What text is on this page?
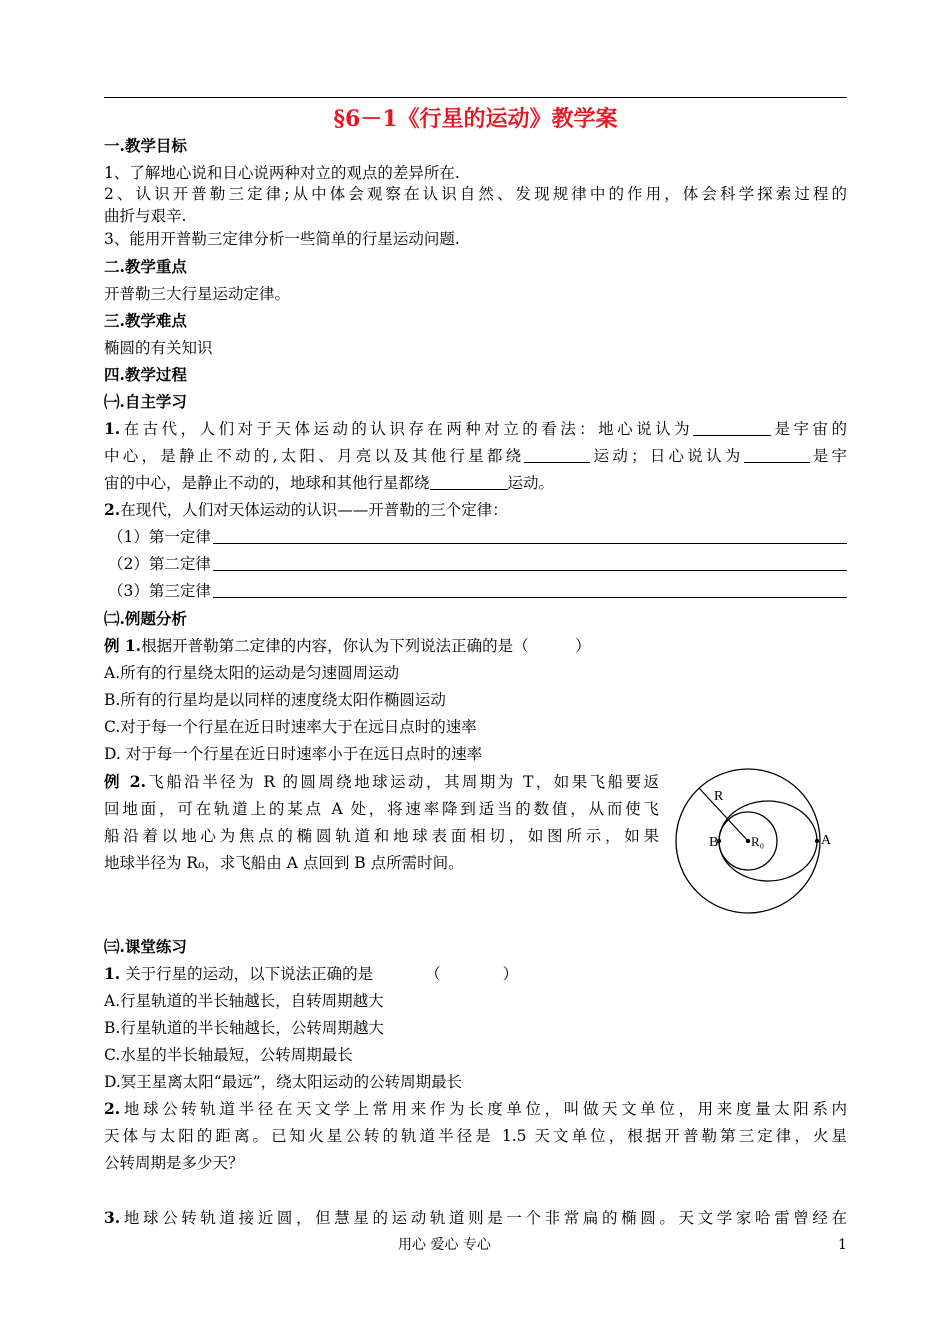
§6－1《行星的运动》教学案
一.教学目标
1、了解地心说和日心说两种对立的观点的差异所在.
2、认识开普勒三定律;从中体会观察在认识自然、发现规律中的作用，体会科学探索过程的
曲折与艰辛.
3、能用开普勒三定律分析一些简单的行星运动问题.
二.教学重点
开普勒三大行星运动定律。
三.教学难点
椭圆的有关知识
四.教学过程
㈠.自主学习
1.在古代，人们对于天体运动的认识存在两种对立的看法：地心说认为	是宇宙的
中心，是静止不动的,太阳、月亮以及其他行星都绕	运动；日心说认为	是宇
宙的中心，是静止不动的，地球和其他行星都绕	运动。
2.在现代，人们对天体运动的认识——开普勒的三个定律：
（1）第一定律
（2）第二定律
（3）第三定律
㈡.例题分析
例 1.根据开普勒第二定律的内容，你认为下列说法正确的是（　　　）
A.所有的行星绕太阳的运动是匀速圆周运动
B.所有的行星均是以同样的速度绕太阳作椭圆运动
C.对于每一个行星在近日时速率大于在远日点时的速率
D. 对于每一个行星在近日时速率小于在远日点时的速率
例 2.飞船沿半径为 R 的圆周绕地球运动，其周期为 T，如果飞船要返
回地面，可在轨道上的某点 A 处，将速率降到适当的数值，从而使飞
船沿着以地心为焦点的椭圆轨道和地球表面相切，如图所示，如果
地球半径为 R₀，求飞船由 A 点回到 B 点所需时间。
R
B	R₀	A
㈢.课堂练习
1. 关于行星的运动，以下说法正确的是	（　　　　）
A.行星轨道的半长轴越长，自转周期越大
B.行星轨道的半长轴越长，公转周期越大
C.水星的半长轴最短，公转周期最长
D.冥王星离太阳“最远”，绕太阳运动的公转周期最长
2.地球公转轨道半径在天文学上常用来作为长度单位，叫做天文单位，用来度量太阳系内
天体与太阳的距离。已知火星公转的轨道半径是 1.5 天文单位，根据开普勒第三定律，火星
公转周期是多少天？
3.地球公转轨道接近圆，但慧星的运动轨道则是一个非常扁的椭圆。天文学家哈雷曾经在
用心 爱心 专心	1
